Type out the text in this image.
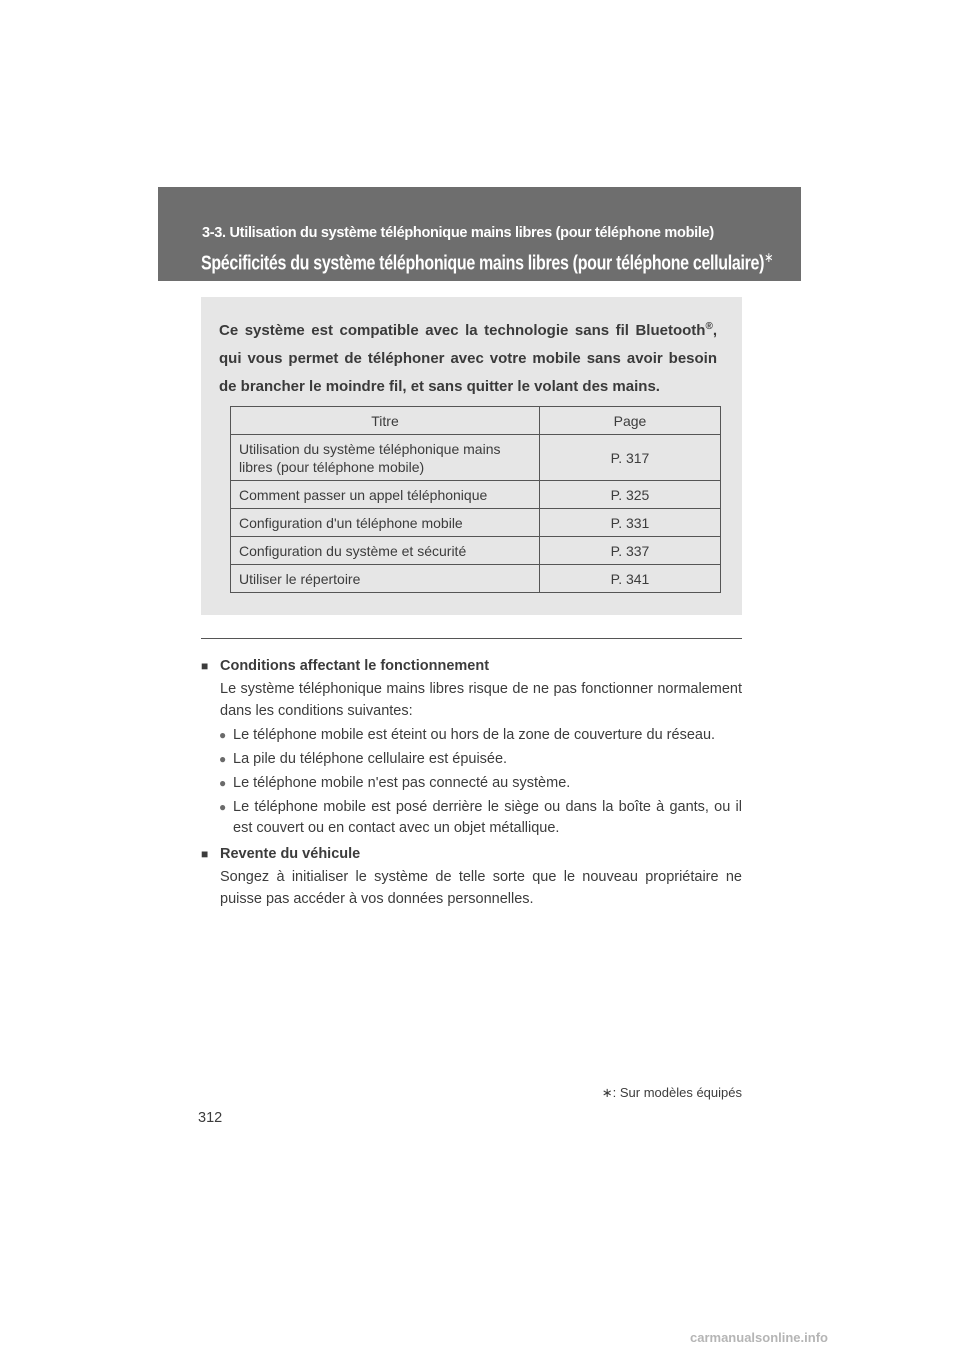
3-3. Utilisation du système téléphonique mains libres (pour téléphone mobile)
Spécificités du système téléphonique mains libres (pour téléphone cellulaire)∗

Ce système est compatible avec la technologie sans fil Bluetooth®, qui vous permet de téléphoner avec votre mobile sans avoir besoin de brancher le moindre fil, et sans quitter le volant des mains.

Titre	Page
Utilisation du système téléphonique mains libres (pour téléphone mobile)	P. 317
Comment passer un appel téléphonique	P. 325
Configuration d'un téléphone mobile	P. 331
Configuration du système et sécurité	P. 337
Utiliser le répertoire	P. 341

■ Conditions affectant le fonctionnement

Le système téléphonique mains libres risque de ne pas fonctionner normalement dans les conditions suivantes:

● Le téléphone mobile est éteint ou hors de la zone de couverture du réseau.
● La pile du téléphone cellulaire est épuisée.
● Le téléphone mobile n'est pas connecté au système.
● Le téléphone mobile est posé derrière le siège ou dans la boîte à gants, ou il est couvert ou en contact avec un objet métallique.

■ Revente du véhicule

Songez à initialiser le système de telle sorte que le nouveau propriétaire ne puisse pas accéder à vos données personnelles.

∗: Sur modèles équipés
312
carmanualsonline.info
